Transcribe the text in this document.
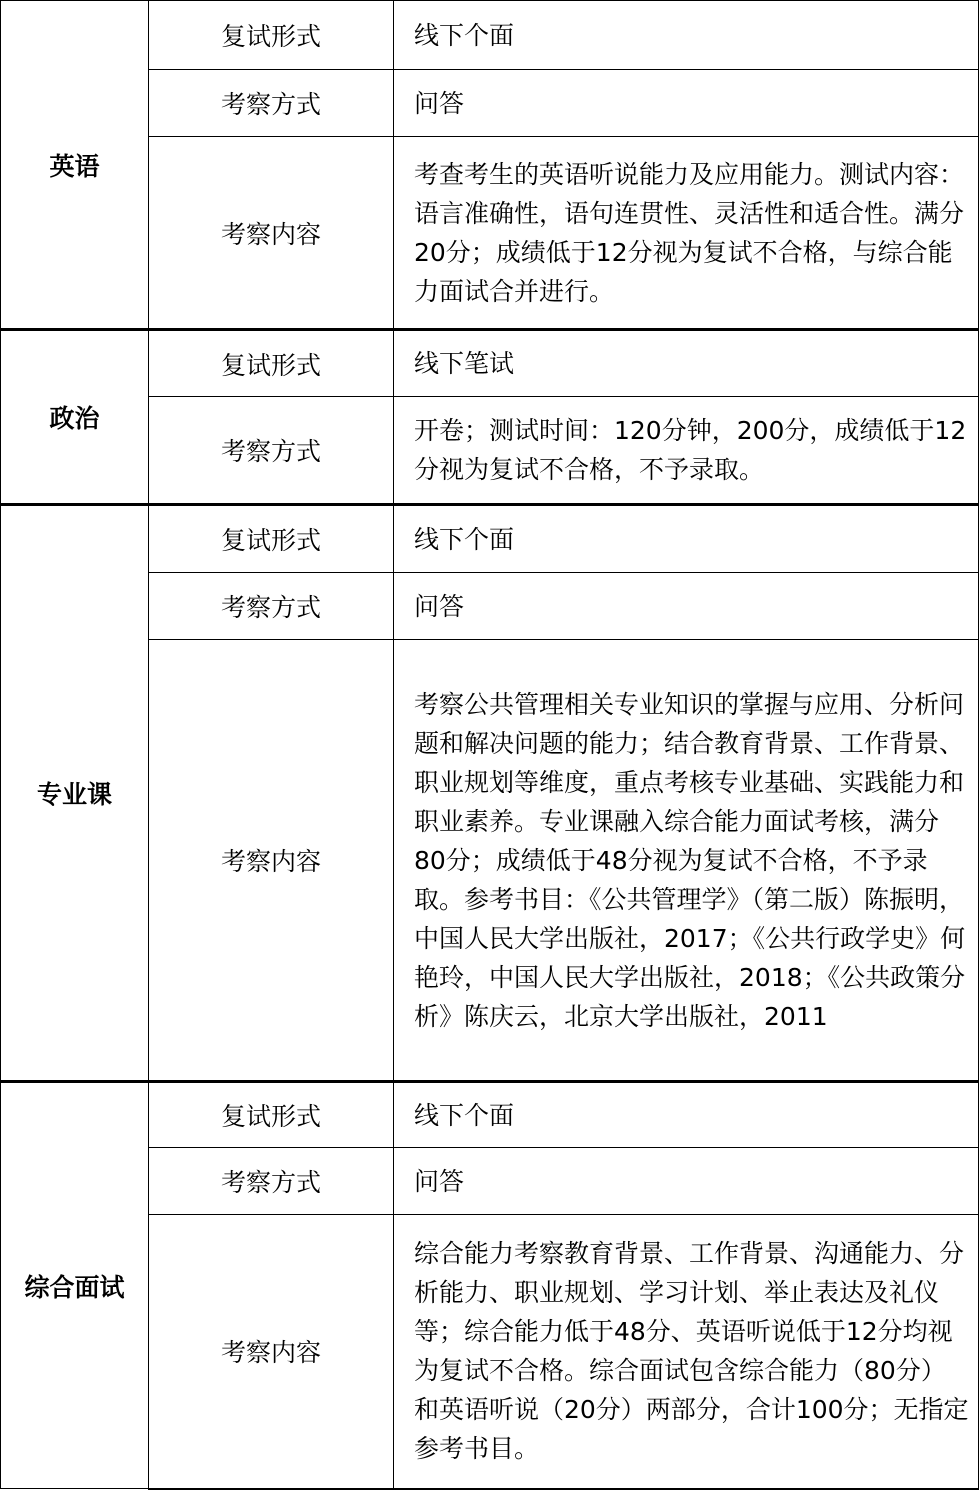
英语	复试形式	线下个面
	考察方式	问答
	考察内容	考查考生的英语听说能力及应用能力。测试内容：语言准确性，语句连贯性、灵活性和适合性。满分20分；成绩低于12分视为复试不合格，与综合能力面试合并进行。
政治	复试形式	线下笔试
	考察方式	开卷；测试时间：120分钟，200分，成绩低于12分视为复试不合格，不予录取。
专业课	复试形式	线下个面
	考察方式	问答
	考察内容	考察公共管理相关专业知识的掌握与应用、分析问题和解决问题的能力；结合教育背景、工作背景、职业规划等维度，重点考核专业基础、实践能力和职业素养。专业课融入综合能力面试考核，满分80分；成绩低于48分视为复试不合格，不予录取。参考书目：《公共管理学》（第二版）陈振明，中国人民大学出版社，2017；《公共行政学史》何艳玲，中国人民大学出版社，2018；《公共政策分析》陈庆云，北京大学出版社，2011
综合面试	复试形式	线下个面
	考察方式	问答
	考察内容	综合能力考察教育背景、工作背景、沟通能力、分析能力、职业规划、学习计划、举止表达及礼仪等；综合能力低于48分、英语听说低于12分均视为复试不合格。综合面试包含综合能力（80分）和英语听说（20分）两部分，合计100分；无指定参考书目。
